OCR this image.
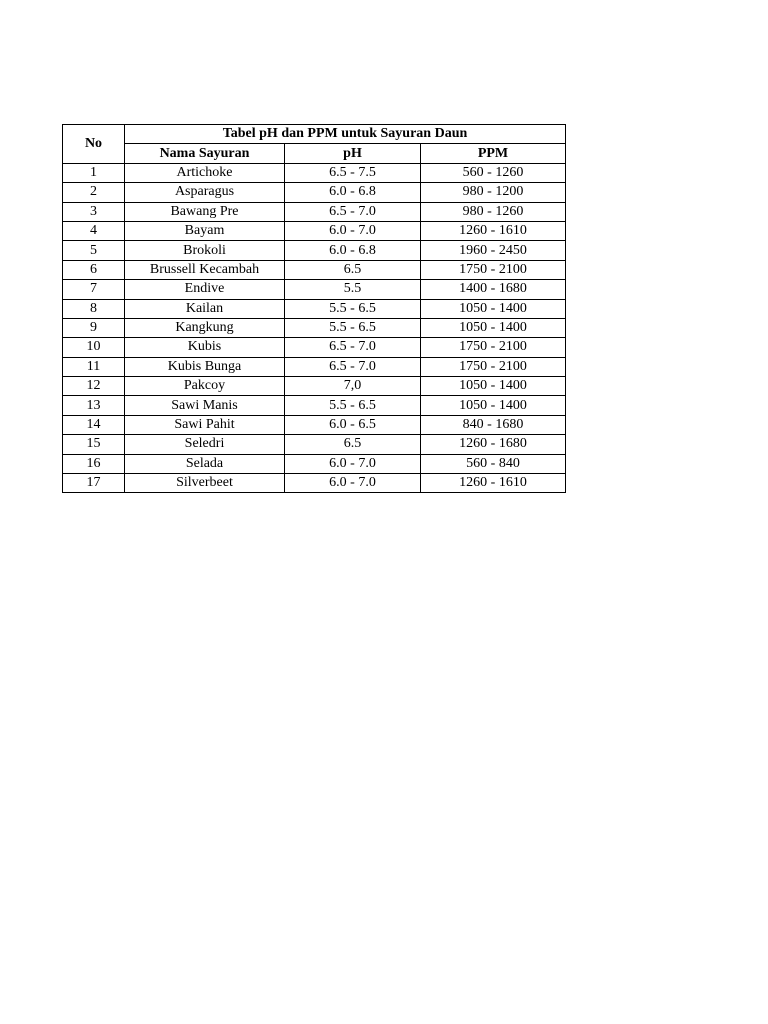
No	Tabel pH dan PPM untuk Sayuran Daun		
	Nama Sayuran	pH	PPM
1	Artichoke	6.5 - 7.5	560 - 1260
2	Asparagus	6.0 - 6.8	980 - 1200
3	Bawang Pre	6.5 - 7.0	980 - 1260
4	Bayam	6.0 - 7.0	1260 - 1610
5	Brokoli	6.0 - 6.8	1960 - 2450
6	Brussell Kecambah	6.5	1750 - 2100
7	Endive	5.5	1400 - 1680
8	Kailan	5.5 - 6.5	1050 - 1400
9	Kangkung	5.5 - 6.5	1050 - 1400
10	Kubis	6.5 - 7.0	1750 - 2100
11	Kubis Bunga	6.5 - 7.0	1750 - 2100
12	Pakcoy	7,0	1050 - 1400
13	Sawi Manis	5.5 - 6.5	1050 - 1400
14	Sawi Pahit	6.0 - 6.5	840 - 1680
15	Seledri	6.5	1260 - 1680
16	Selada	6.0 - 7.0	560 - 840
17	Silverbeet	6.0 - 7.0	1260 - 1610
